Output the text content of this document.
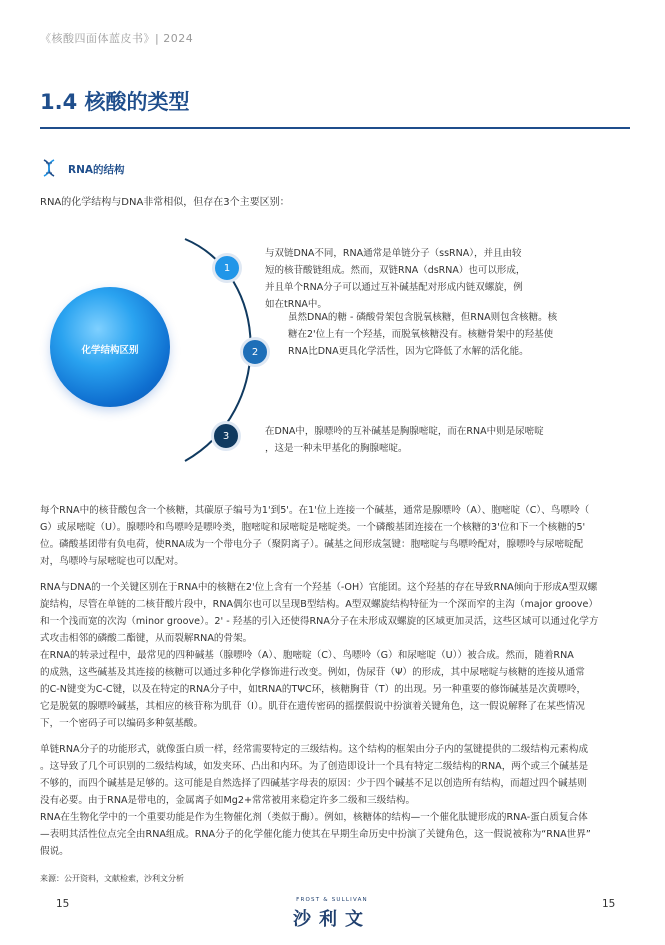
《核酸四面体蓝皮书》| 2024
1.4 核酸的类型
RNA的结构
RNA的化学结构与DNA非常相似，但存在3个主要区别：
化学结构区别
1
2
3
与双链DNA不同，RNA通常是单链分子（ssRNA），并且由较
短的核苷酸链组成。然而，双链RNA（dsRNA）也可以形成，
并且单个RNA分子可以通过互补碱基配对形成内链双螺旋，例
如在tRNA中。
虽然DNA的糖 - 磷酸骨架包含脱氧核糖，但RNA则包含核糖。核
糖在2'位上有一个羟基，而脱氧核糖没有。核糖骨架中的羟基使
RNA比DNA更具化学活性，因为它降低了水解的活化能。
在DNA中，腺嘌呤的互补碱基是胸腺嘧啶，而在RNA中则是尿嘧啶
，这是一种未甲基化的胸腺嘧啶。
每个RNA中的核苷酸包含一个核糖，其碳原子编号为1'到5'。在1'位上连接一个碱基，通常是腺嘌呤（A）、胞嘧啶（C）、鸟嘌呤（
G）或尿嘧啶（U）。腺嘌呤和鸟嘌呤是嘌呤类，胞嘧啶和尿嘧啶是嘧啶类。一个磷酸基团连接在一个核糖的3'位和下一个核糖的5'
位。磷酸基团带有负电荷，使RNA成为一个带电分子（聚阴离子）。碱基之间形成氢键：胞嘧啶与鸟嘌呤配对，腺嘌呤与尿嘧啶配
对，鸟嘌呤与尿嘧啶也可以配对。
RNA与DNA的一个关键区别在于RNA中的核糖在2'位上含有一个羟基（-OH）官能团。这个羟基的存在导致RNA倾向于形成A型双螺
旋结构，尽管在单链的二核苷酸片段中，RNA偶尔也可以呈现B型结构。A型双螺旋结构特征为一个深而窄的主沟（major groove）
和一个浅而宽的次沟（minor groove）。2' - 羟基的引入还使得RNA分子在未形成双螺旋的区域更加灵活，这些区域可以通过化学方
式攻击相邻的磷酸二酯键，从而裂解RNA的骨架。
在RNA的转录过程中，最常见的四种碱基（腺嘌呤（A）、胞嘧啶（C）、鸟嘌呤（G）和尿嘧啶（U））被合成。然而，随着RNA
的成熟，这些碱基及其连接的核糖可以通过多种化学修饰进行改变。例如，伪尿苷（Ψ）的形成，其中尿嘧啶与核糖的连接从通常
的C-N键变为C-C键，以及在特定的RNA分子中，如tRNA的TΨC环，核糖胸苷（T）的出现。另一种重要的修饰碱基是次黄嘌呤，
它是脱氨的腺嘌呤碱基，其相应的核苷称为肌苷（I）。肌苷在遗传密码的摇摆假说中扮演着关键角色，这一假说解释了在某些情况
下，一个密码子可以编码多种氨基酸。
单链RNA分子的功能形式，就像蛋白质一样，经常需要特定的三级结构。这个结构的框架由分子内的氢键提供的二级结构元素构成
。这导致了几个可识别的二级结构域，如发夹环、凸出和内环。为了创造即设计一个具有特定二级结构的RNA，两个或三个碱基是
不够的，而四个碱基是足够的。这可能是自然选择了四碱基字母表的原因：少于四个碱基不足以创造所有结构，而超过四个碱基则
没有必要。由于RNA是带电的，金属离子如Mg2+常常被用来稳定许多二级和三级结构。
RNA在生物化学中的一个重要功能是作为生物催化剂（类似于酶）。例如，核糖体的结构—一个催化肽键形成的RNA-蛋白质复合体
—表明其活性位点完全由RNA组成。RNA分子的化学催化能力使其在早期生命历史中扮演了关键角色，这一假说被称为“RNA世界”
假说。
来源：公开资料，文献检索，沙利文分析
15	FROST & SULLIVAN
沙利文
15
